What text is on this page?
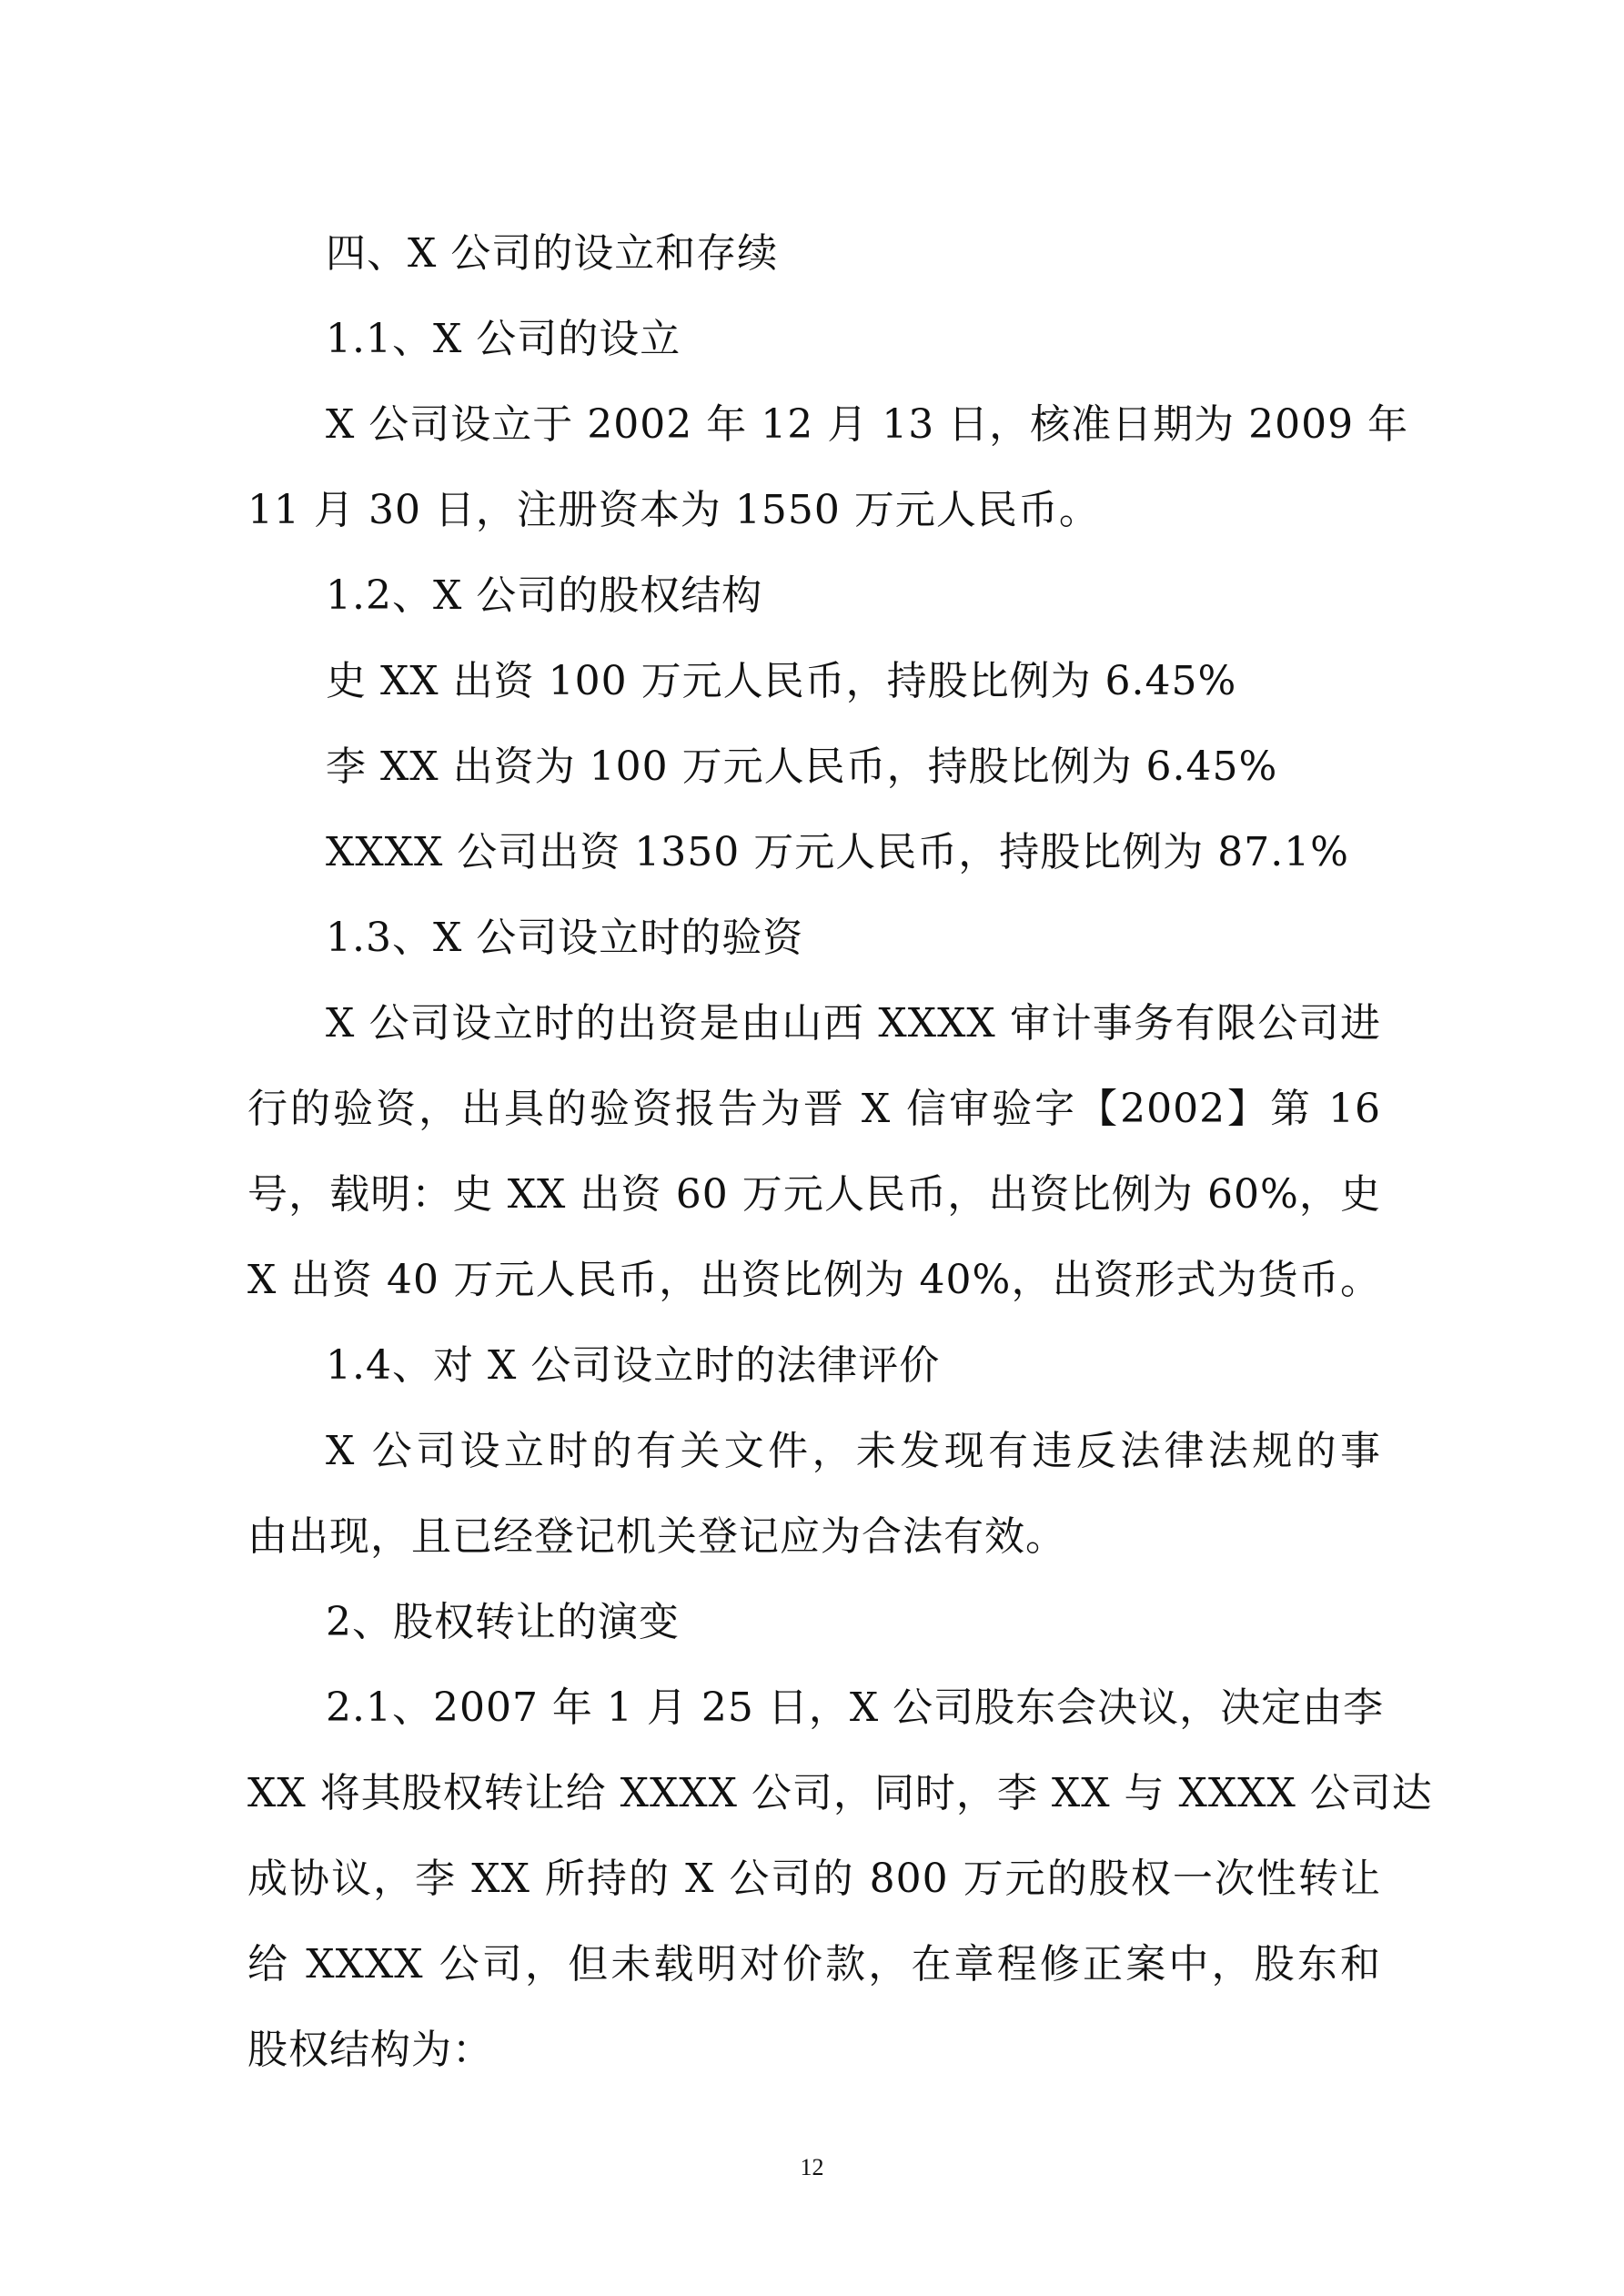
四、X 公司的设立和存续
1.1、X 公司的设立
X 公司设立于 2002 年 12 月 13 日，核准日期为 2009 年
11 月 30 日，注册资本为 1550 万元人民币。
1.2、X 公司的股权结构
史 XX 出资 100 万元人民币，持股比例为 6.45%
李 XX 出资为 100 万元人民币，持股比例为 6.45%
XXXX 公司出资 1350 万元人民币，持股比例为 87.1%
1.3、X 公司设立时的验资
X 公司设立时的出资是由山西 XXXX 审计事务有限公司进
行的验资，出具的验资报告为晋 X 信审验字【2002】第 16
号，载明：史 XX 出资 60 万元人民币，出资比例为 60%，史
X 出资 40 万元人民币，出资比例为 40%，出资形式为货币。
1.4、对 X 公司设立时的法律评价
X 公司设立时的有关文件，未发现有违反法律法规的事
由出现，且已经登记机关登记应为合法有效。
2、股权转让的演变
2.1、2007 年 1 月 25 日，X 公司股东会决议，决定由李
XX 将其股权转让给 XXXX 公司，同时，李 XX 与 XXXX 公司达
成协议，李 XX 所持的 X 公司的 800 万元的股权一次性转让
给 XXXX 公司，但未载明对价款，在章程修正案中，股东和
股权结构为：
12
